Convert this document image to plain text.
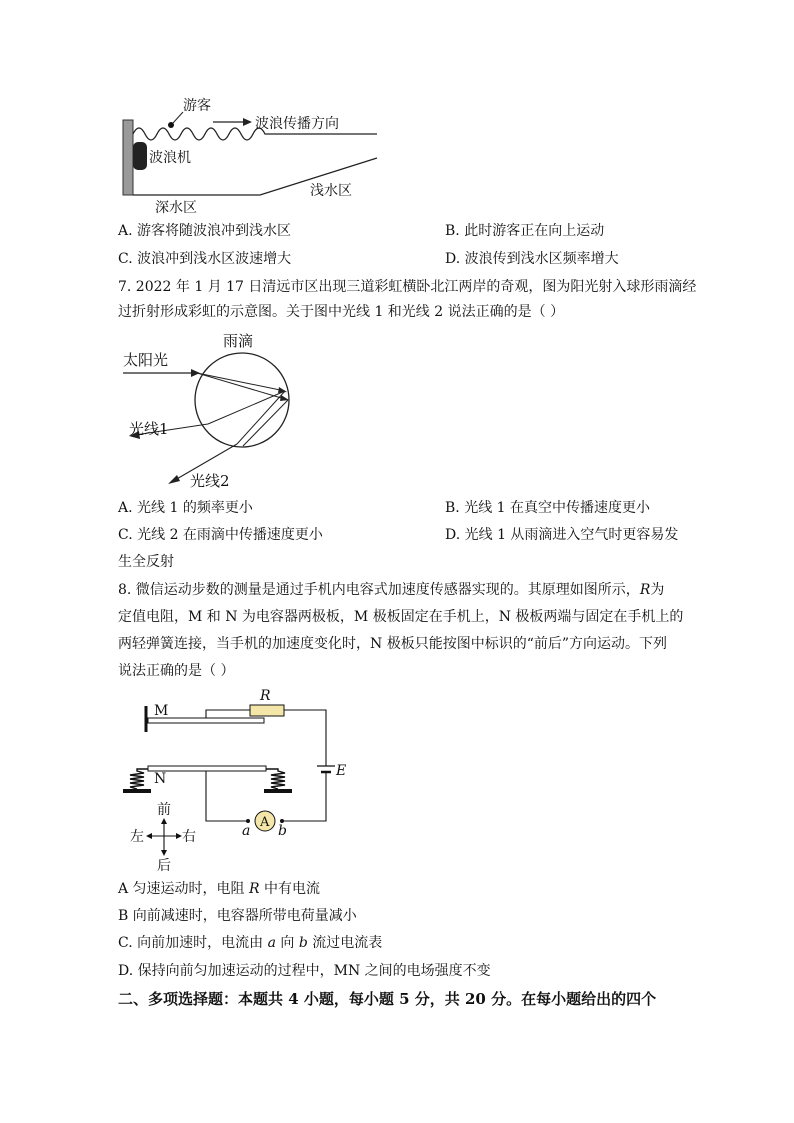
游客
波浪传播方向
波浪机
浅水区
深水区
A. 游客将随波浪冲到浅水区	B. 此时游客正在向上运动
C. 波浪冲到浅水区波速增大	D. 波浪传到浅水区频率增大
7. 2022 年 1 月 17 日清远市区出现三道彩虹横卧北江两岸的奇观，图为阳光射入球形雨滴经
过折射形成彩虹的示意图。关于图中光线 1 和光线 2 说法正确的是（ ）
雨滴
太阳光
光线1
光线2
A. 光线 1 的频率更小	B. 光线 1 在真空中传播速度更小
C. 光线 2 在雨滴中传播速度更小	D. 光线 1 从雨滴进入空气时更容易发
生全反射
8. 微信运动步数的测量是通过手机内电容式加速度传感器实现的。其原理如图所示，R为
定值电阻，M 和 N 为电容器两极板，M 极板固定在手机上，N 极板两端与固定在手机上的
两轻弹簧连接，当手机的加速度变化时，N 极板只能按图中标识的“前后”方向运动。下列
说法正确的是（ ）
R
M
N	E
A
a b
前
后
左	右
A 匀速运动时，电阻 R 中有电流
B 向前减速时，电容器所带电荷量减小
C. 向前加速时，电流由 a 向 b 流过电流表
D. 保持向前匀加速运动的过程中，MN 之间的电场强度不变
二、多项选择题：本题共 4 小题，每小题 5 分，共 20 分。在每小题给出的四个
